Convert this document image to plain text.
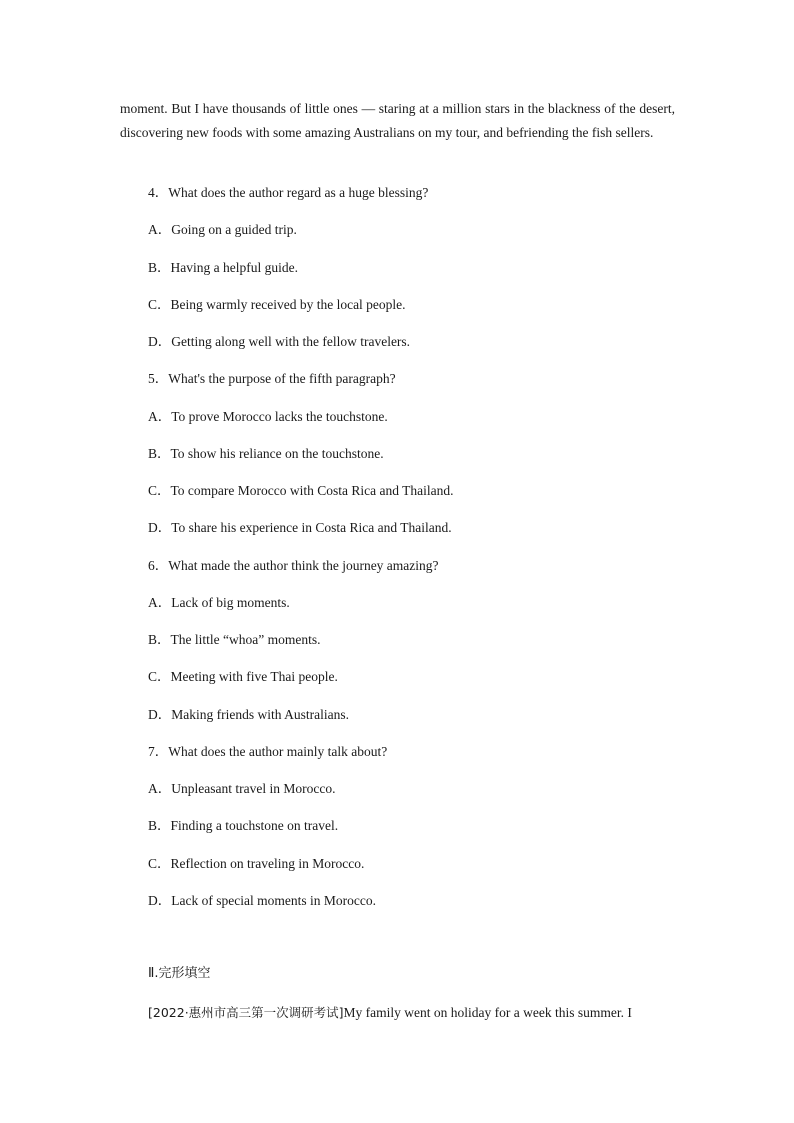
moment. But I have thousands of little ones — staring at a million stars in the blackness of the desert, discovering new foods with some amazing Australians on my tour, and befriending the fish sellers.

4．What does the author regard as a huge blessing?
A．Going on a guided trip.
B．Having a helpful guide.
C．Being warmly received by the local people.
D．Getting along well with the fellow travelers.
5．What's the purpose of the fifth paragraph?
A．To prove Morocco lacks the touchstone.
B．To show his reliance on the touchstone.
C．To compare Morocco with Costa Rica and Thailand.
D．To share his experience in Costa Rica and Thailand.
6．What made the author think the journey amazing?
A．Lack of big moments.
B．The little “whoa” moments.
C．Meeting with five Thai people.
D．Making friends with Australians.
7．What does the author mainly talk about?
A．Unpleasant travel in Morocco.
B．Finding a touchstone on travel.
C．Reflection on traveling in Morocco.
D．Lack of special moments in Morocco.
Ⅱ.完形填空
[2022·惠州市高三第一次调研考试]My family went on holiday for a week this summer. I
